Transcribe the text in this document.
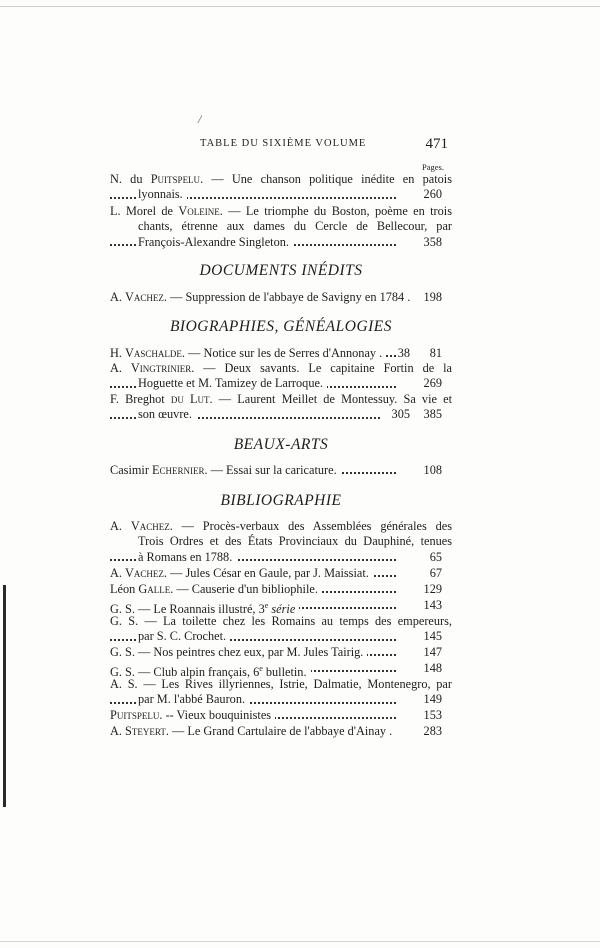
/
TABLE DU SIXIÈME VOLUME	471
Pages.
N. du Puitspelu. — Une chanson politique inédite en patois
lyonnais.	260
L. Morel de Voleine. — Le triomphe du Boston, poème en trois
chants, étrenne aux dames du Cercle de Bellecour, par
François-Alexandre Singleton.	358
DOCUMENTS INÉDITS
A. Vachez. — Suppression de l'abbaye de Savigny en 1784 .	198
BIOGRAPHIES, GÉNÉALOGIES
H. Vaschalde. — Notice sur les de Serres d'Annonay .	38 81
A. Vingtrinier. — Deux savants. Le capitaine Fortin de la
Hoguette et M. Tamizey de Larroque.	269
F. Breghot du Lut. — Laurent Meillet de Montessuy. Sa vie et
son œuvre.	305 385
BEAUX-ARTS
Casimir Echernier. — Essai sur la caricature.	108
BIBLIOGRAPHIE
A. Vachez. — Procès-verbaux des Assemblées générales des
Trois Ordres et des États Provinciaux du Dauphiné, tenues
à Romans en 1788.	65
A. Vachez. — Jules César en Gaule, par J. Maissiat.	67
Léon Galle. — Causerie d'un bibliophile.	129
G. S. — Le Roannais illustré, 3e série	143
G. S. — La toilette chez les Romains au temps des empereurs,
par S. C. Crochet.	145
G. S. — Nos peintres chez eux, par M. Jules Tairig.	147
G. S. — Club alpin français, 6e bulletin.	148
A. S. — Les Rives illyriennes, Istrie, Dalmatie, Montenegro, par
par M. l'abbé Bauron.	149
Puitspelu. -- Vieux bouquinistes	153
A. Steyert. — Le Grand Cartulaire de l'abbaye d'Ainay .	283
